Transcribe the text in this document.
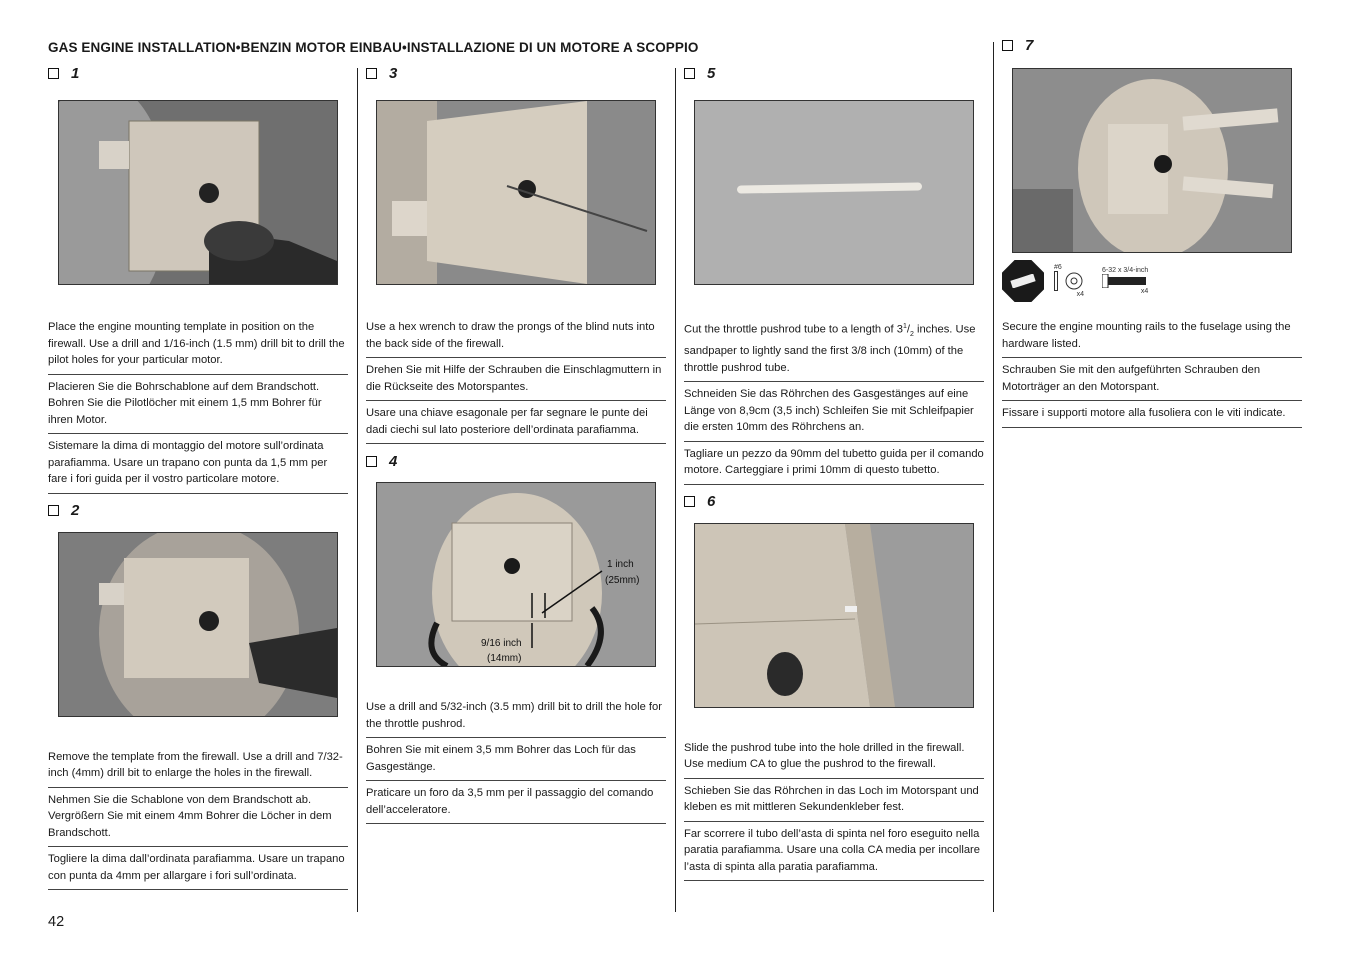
GAS ENGINE INSTALLATION•BENZIN MOTOR EINBAU•INSTALLAZIONE DI UN MOTORE A SCOPPIO
1
Place the engine mounting template in position on the firewall. Use a drill and 1/16-inch (1.5 mm) drill bit to drill the pilot holes for your particular motor.
Placieren Sie die Bohrschablone auf dem Brandschott. Bohren Sie die Pilotlöcher mit einem 1,5 mm Bohrer für ihren Motor.
Sistemare la dima di montaggio del motore sull’ordinata parafiamma. Usare un trapano con punta da 1,5 mm per fare i fori guida per il vostro particolare motore.
2
Remove the template from the firewall. Use a drill and 7/32-inch (4mm) drill bit to enlarge the holes in the firewall.
Nehmen Sie die Schablone von dem Brandschott ab. Vergrößern Sie mit einem 4mm Bohrer die Löcher in dem Brandschott.
Togliere la dima dall’ordinata parafiamma. Usare un trapano con punta da 4mm per allargare i fori sull’ordinata.
3
Use a hex wrench to draw the prongs of the blind nuts into the back side of the firewall.
Drehen Sie mit Hilfe der Schrauben die Einschlagmuttern in die Rückseite des Motorspantes.
Usare una chiave esagonale per far segnare le punte dei dadi ciechi sul lato posteriore dell’ordinata parafiamma.
4
1 inch
(25mm)
9/16 inch
(14mm)
Use a drill and 5/32-inch (3.5 mm) drill bit to drill the hole for the throttle pushrod.
Bohren Sie mit einem 3,5 mm Bohrer das Loch für das Gasgestänge.
Praticare un foro da 3,5 mm per il passaggio del comando dell’acceleratore.
5
Cut the throttle pushrod tube to a length of $3^1/_2$ inches. Use sandpaper to lightly sand the first 3/8 inch (10mm) of the throttle pushrod tube.
Schneiden Sie das Röhrchen des Gasgestänges auf eine Länge von 8,9cm (3,5 inch) Schleifen Sie mit Schleifpapier die ersten 10mm des Röhrchens an.
Tagliare un pezzo da 90mm del tubetto guida per il comando motore. Carteggiare i primi 10mm di questo tubetto.
6
Slide the pushrod tube into the hole drilled in the firewall. Use medium CA to glue the pushrod to the firewall.
Schieben Sie das Röhrchen in das Loch im Motorspant und kleben es mit mittleren Sekundenkleber fest.
Far scorrere il tubo dell’asta di spinta nel foro eseguito nella paratia parafiamma. Usare una colla CA media per incollare l’asta di spinta alla paratia parafiamma.
7
#6
x4
6-32 x 3/4-inch
x4
Secure the engine mounting rails to the fuselage using the hardware listed.
Schrauben Sie mit den aufgeführten Schrauben den Motorträger an den Motorspant.
Fissare i supporti motore alla fusoliera con le viti indicate.
42
